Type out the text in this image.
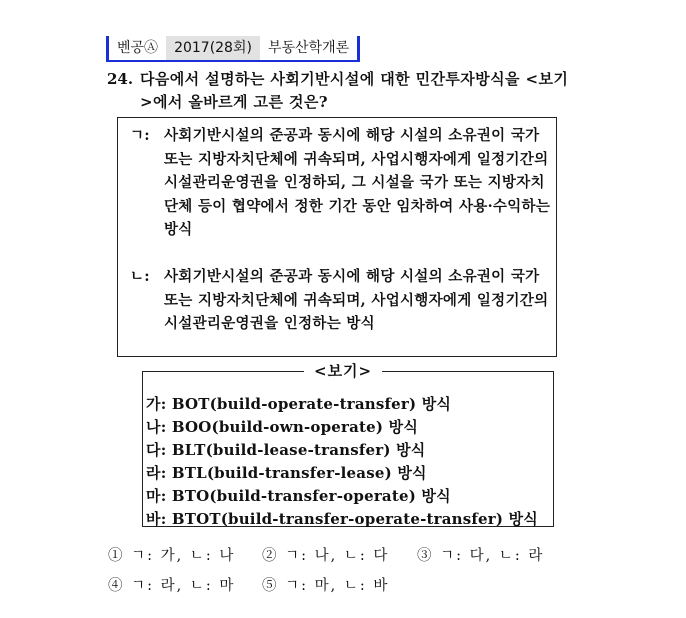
벤공Ⓐ	2017(28회)	부동산학개론
24. 다음에서 설명하는 사회기반시설에 대한 민간투자방식을 <보기>에서 올바르게 고른 것은?
ㄱ: 사회기반시설의 준공과 동시에 해당 시설의 소유권이 국가 또는 지방자치단체에 귀속되며, 사업시행자에게 일정기간의 시설관리운영권을 인정하되, 그 시설을 국가 또는 지방자치단체 등이 협약에서 정한 기간 동안 임차하여 사용·수익하는 방식
ㄴ: 사회기반시설의 준공과 동시에 해당 시설의 소유권이 국가 또는 지방자치단체에 귀속되며, 사업시행자에게 일정기간의 시설관리운영권을 인정하는 방식
<보기>
가: BOT(build-operate-transfer) 방식
나: BOO(build-own-operate) 방식
다: BLT(build-lease-transfer) 방식
라: BTL(build-transfer-lease) 방식
마: BTO(build-transfer-operate) 방식
바: BTOT(build-transfer-operate-transfer) 방식
① ㄱ: 가, ㄴ: 나 ② ㄱ: 나, ㄴ: 다 ③ ㄱ: 다, ㄴ: 라
④ ㄱ: 라, ㄴ: 마 ⑤ ㄱ: 마, ㄴ: 바
